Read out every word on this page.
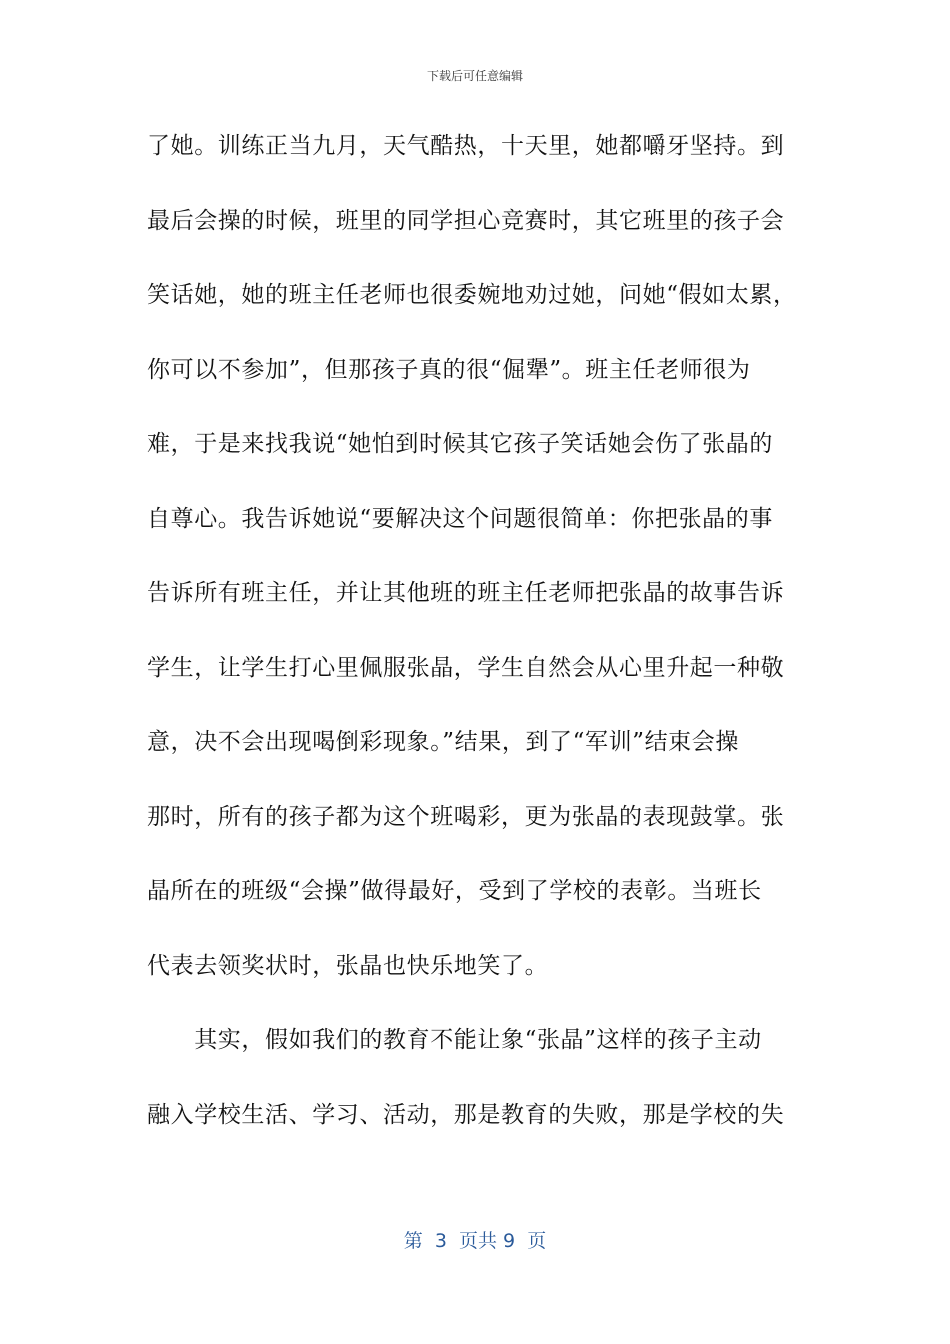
下载后可任意编辑
了她。训练正当九月，天气酷热，十天里，她都嚼牙坚持。到
最后会操的时候，班里的同学担心竞赛时，其它班里的孩子会
笑话她，她的班主任老师也很委婉地劝过她，问她“假如太累，
你可以不参加”，但那孩子真的很“倔犟”。班主任老师很为
难，于是来找我说“她怕到时候其它孩子笑话她会伤了张晶的
自尊心。我告诉她说“要解决这个问题很简单：你把张晶的事
告诉所有班主任，并让其他班的班主任老师把张晶的故事告诉
学生，让学生打心里佩服张晶，学生自然会从心里升起一种敬
意，决不会出现喝倒彩现象。”结果，到了“军训”结束会操
那时，所有的孩子都为这个班喝彩，更为张晶的表现鼓掌。张
晶所在的班级“会操”做得最好，受到了学校的表彰。当班长
代表去领奖状时，张晶也快乐地笑了。
　　其实，假如我们的教育不能让象“张晶”这样的孩子主动
融入学校生活、学习、活动，那是教育的失败，那是学校的失
第  3  页共 9  页
